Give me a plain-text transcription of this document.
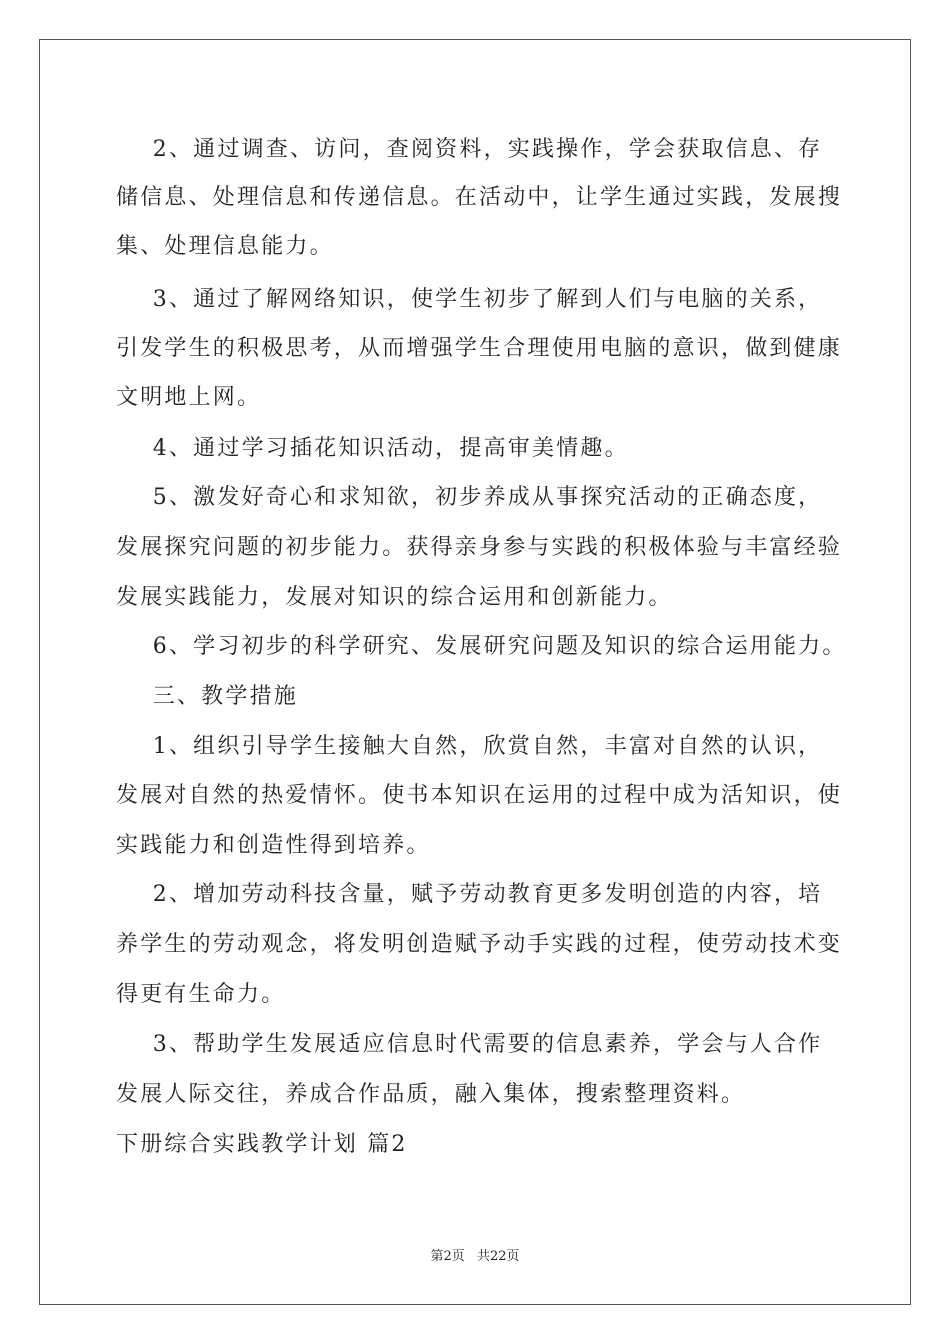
2、通过调查、访问，查阅资料，实践操作，学会获取信息、存
储信息、处理信息和传递信息。在活动中，让学生通过实践，发展搜
集、处理信息能力。
3、通过了解网络知识，使学生初步了解到人们与电脑的关系，
引发学生的积极思考，从而增强学生合理使用电脑的意识，做到健康
文明地上网。
4、通过学习插花知识活动，提高审美情趣。
5、激发好奇心和求知欲，初步养成从事探究活动的正确态度，
发展探究问题的初步能力。获得亲身参与实践的积极体验与丰富经验
发展实践能力，发展对知识的综合运用和创新能力。
6、学习初步的科学研究、发展研究问题及知识的综合运用能力。
三、教学措施
1、组织引导学生接触大自然，欣赏自然，丰富对自然的认识，
发展对自然的热爱情怀。使书本知识在运用的过程中成为活知识，使
实践能力和创造性得到培养。
2、增加劳动科技含量，赋予劳动教育更多发明创造的内容，培
养学生的劳动观念，将发明创造赋予动手实践的过程，使劳动技术变
得更有生命力。
3、帮助学生发展适应信息时代需要的信息素养，学会与人合作
发展人际交往，养成合作品质，融入集体，搜索整理资料。
下册综合实践教学计划 篇2
第2页 共22页
